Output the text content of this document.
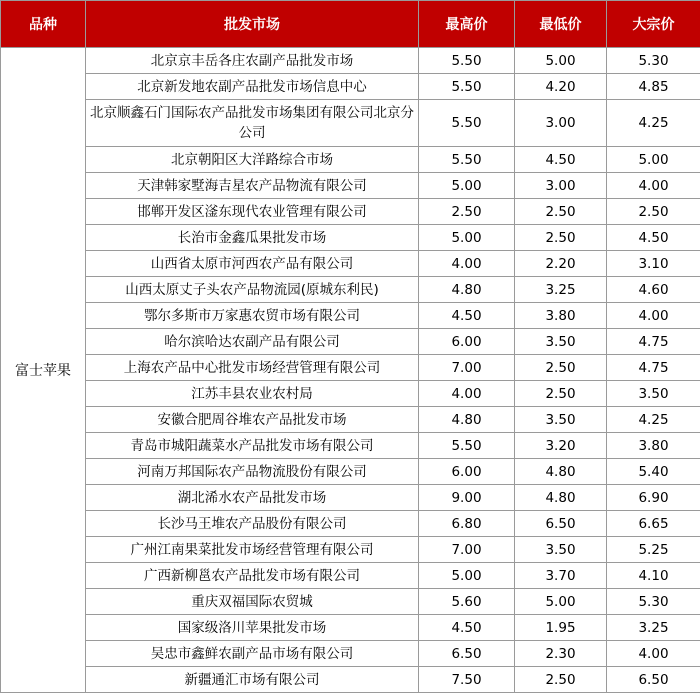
品种	批发市场	最高价	最低价	大宗价
富士苹果	北京京丰岳各庄农副产品批发市场	5.50	5.00	5.30
	北京新发地农副产品批发市场信息中心	5.50	4.20	4.85
	北京顺鑫石门国际农产品批发市场集团有限公司北京分公司	5.50	3.00	4.25
	北京朝阳区大洋路综合市场	5.50	4.50	5.00
	天津韩家墅海吉星农产品物流有限公司	5.00	3.00	4.00
	邯郸开发区滏东现代农业管理有限公司	2.50	2.50	2.50
	长治市金鑫瓜果批发市场	5.00	2.50	4.50
	山西省太原市河西农产品有限公司	4.00	2.20	3.10
	山西太原丈子头农产品物流园(原城东利民)	4.80	3.25	4.60
	鄂尔多斯市万家惠农贸市场有限公司	4.50	3.80	4.00
	哈尔滨哈达农副产品有限公司	6.00	3.50	4.75
	上海农产品中心批发市场经营管理有限公司	7.00	2.50	4.75
	江苏丰县农业农村局	4.00	2.50	3.50
	安徽合肥周谷堆农产品批发市场	4.80	3.50	4.25
	青岛市城阳蔬菜水产品批发市场有限公司	5.50	3.20	3.80
	河南万邦国际农产品物流股份有限公司	6.00	4.80	5.40
	湖北浠水农产品批发市场	9.00	4.80	6.90
	长沙马王堆农产品股份有限公司	6.80	6.50	6.65
	广州江南果菜批发市场经营管理有限公司	7.00	3.50	5.25
	广西新柳邕农产品批发市场有限公司	5.00	3.70	4.10
	重庆双福国际农贸城	5.60	5.00	5.30
	国家级洛川苹果批发市场	4.50	1.95	3.25
	吴忠市鑫鲜农副产品市场有限公司	6.50	2.30	4.00
	新疆通汇市场有限公司	7.50	2.50	6.50
